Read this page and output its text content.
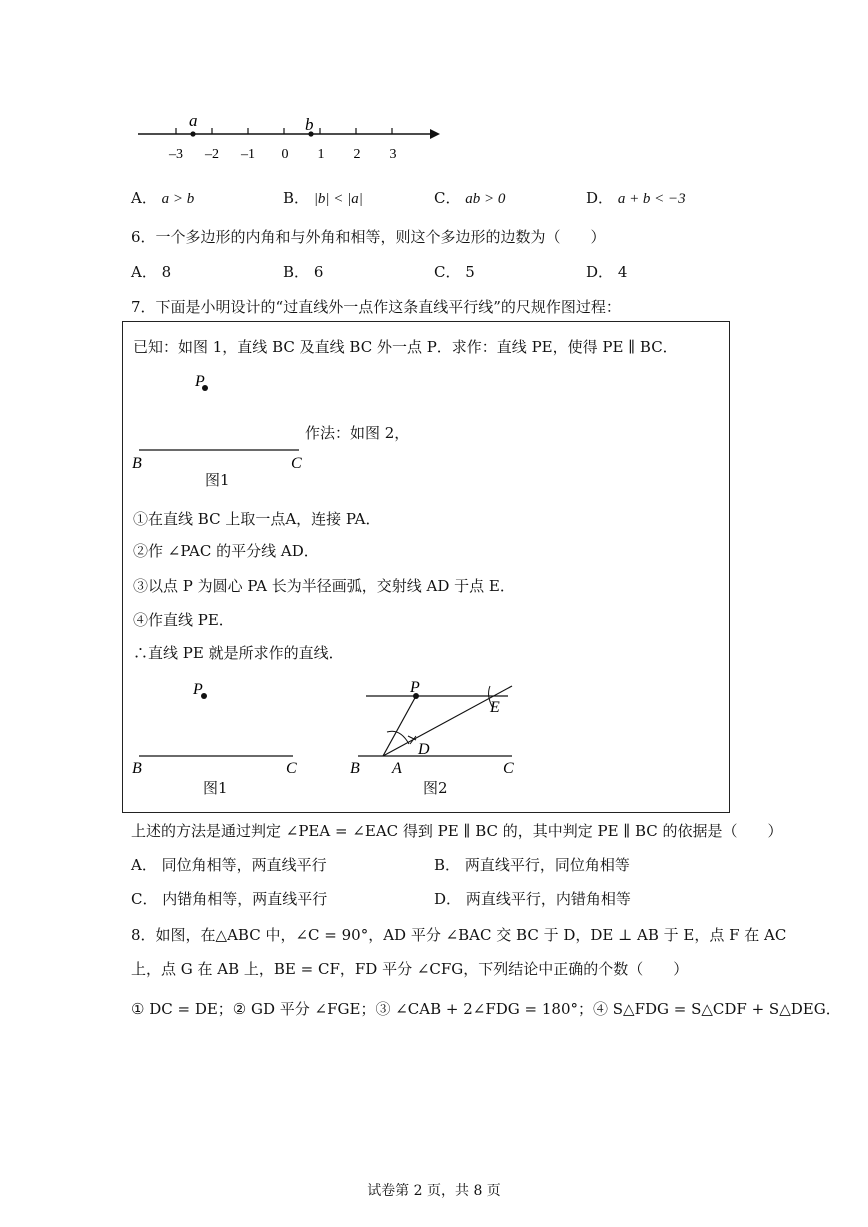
a	b
–3 –2 –1 0 1 2 3
A． a > b	B． |b| < |a|	C． ab > 0	D． a + b < −3
6．一个多边形的内角和与外角和相等，则这个多边形的边数为（　　）
A． 8	B． 6	C． 5	D． 4
7．下面是小明设计的“过直线外一点作这条直线平行线”的尺规作图过程：
已知：如图 1，直线 BC 及直线 BC 外一点 P．求作：直线 PE，使得 PE ∥ BC．
P
B	C
图1
作法：如图 2，
①在直线 BC 上取一点A，连接 PA．
②作 ∠PAC 的平分线 AD．
③以点 P 为圆心 PA 长为半径画弧，交射线 AD 于点 E．
④作直线 PE．
∴直线 PE 就是所求作的直线．
P
B	C
图1
P
E
D
B A	C
图2
上述的方法是通过判定 ∠PEA = ∠EAC 得到 PE ∥ BC 的，其中判定 PE ∥ BC 的依据是（　　）
A． 同位角相等，两直线平行	B． 两直线平行，同位角相等
C． 内错角相等，两直线平行	D． 两直线平行，内错角相等
8．如图，在△ABC 中，∠C = 90°，AD 平分 ∠BAC 交 BC 于 D，DE ⊥ AB 于 E，点 F 在 AC
上，点 G 在 AB 上，BE = CF，FD 平分 ∠CFG，下列结论中正确的个数（　　）
① DC = DE；② GD 平分 ∠FGE；③ ∠CAB + 2∠FDG = 180°；④ S△FDG = S△CDF + S△DEG．
试卷第 2 页，共 8 页
